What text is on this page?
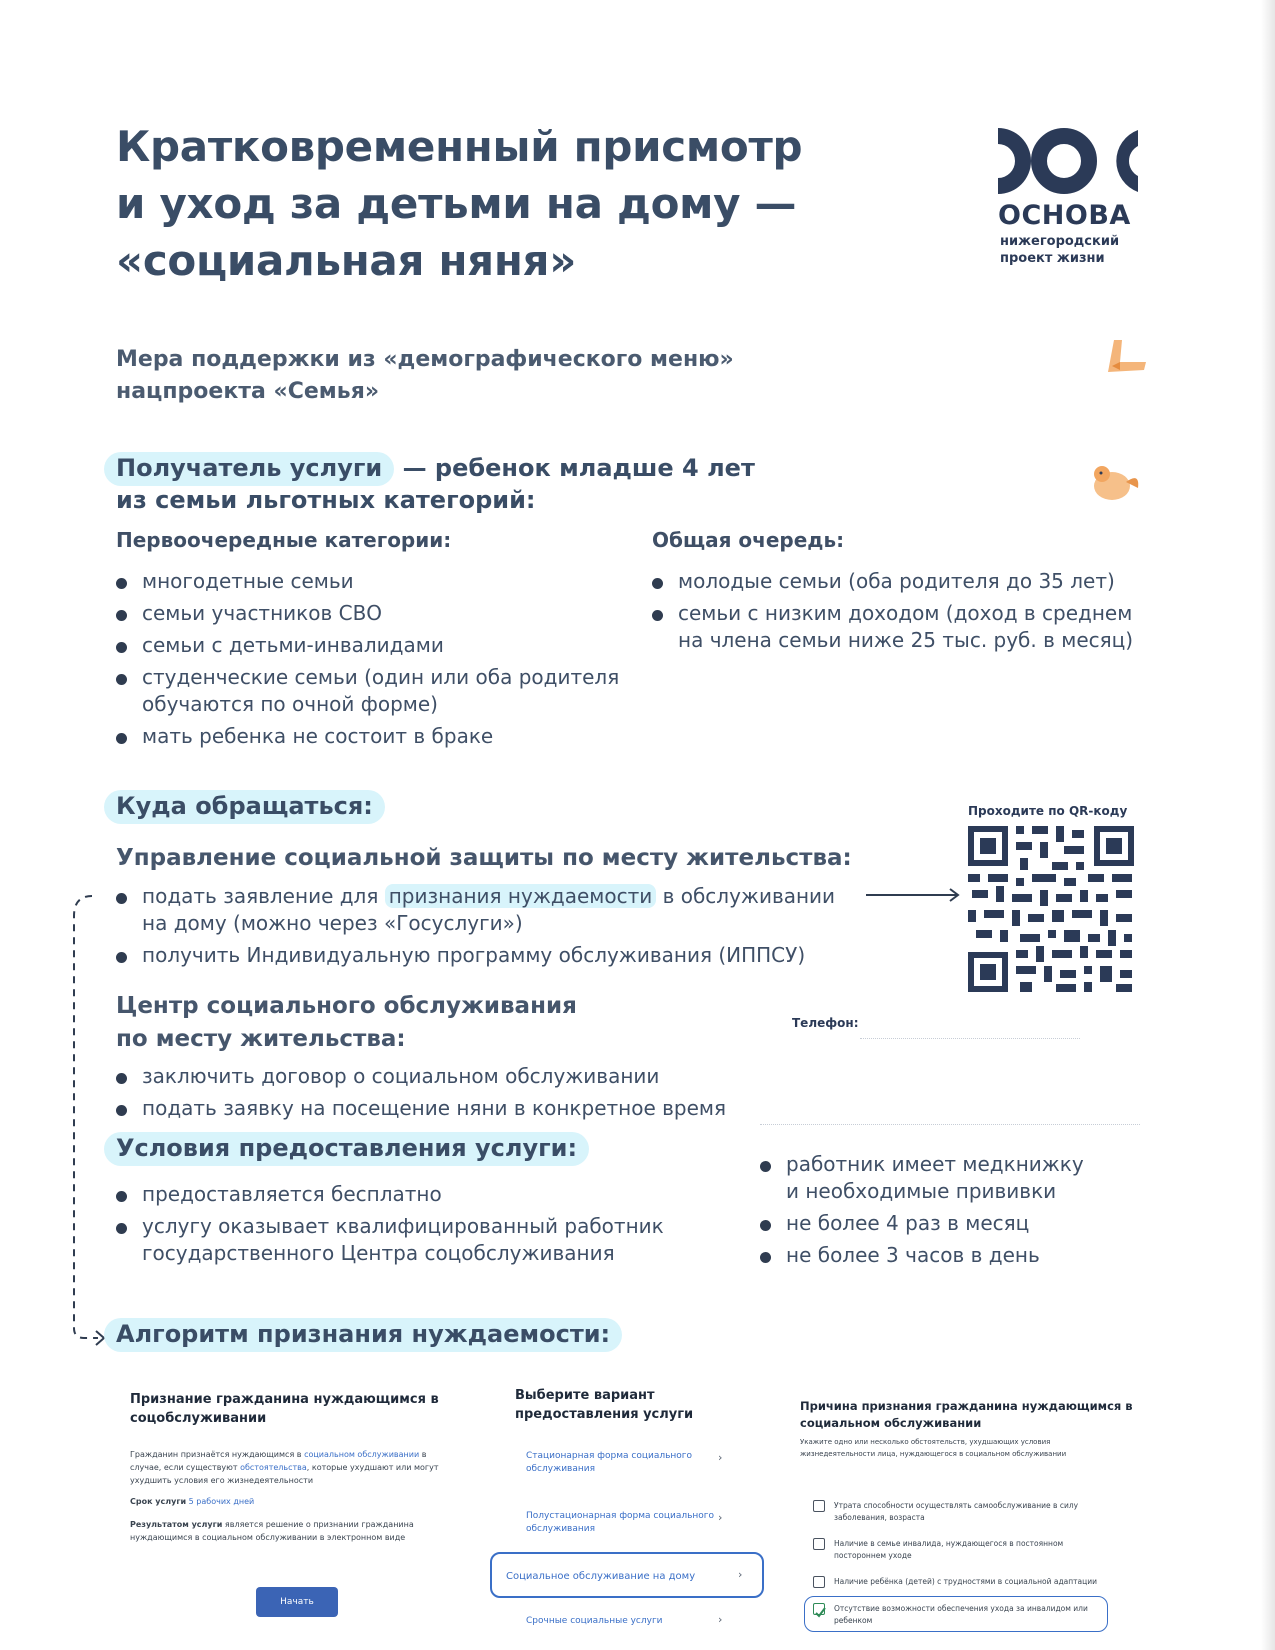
Кратковременный присмотр
и уход за детьми на дому —
«социальная няня»
ОСНОВА
нижегородский
проект жизни
Мера поддержки из «демографического меню»
нацпроекта «Семья»
Получатель услуги — ребенок младше 4 лет
из семьи льготных категорий:
Первоочередные категории:
многодетные семьи
семьи участников СВО
семьи с детьми-инвалидами
студенческие семьи (один или оба родителя
обучаются по очной форме)
мать ребенка не состоит в браке
Общая очередь:
молодые семьи (оба родителя до 35 лет)
семьи с низким доходом (доход в среднем
на члена семьи ниже 25 тыс. руб. в месяц)
Куда обращаться:
Управление социальной защиты по месту жительства:
подать заявление для признания нуждаемости в обслуживании
на дому (можно через «Госуслуги»)
получить Индивидуальную программу обслуживания (ИППСУ)
Проходите по QR-коду
Телефон:
Центр социального обслуживания
по месту жительства:
заключить договор о социальном обслуживании
подать заявку на посещение няни в конкретное время
Условия предоставления услуги:
предоставляется бесплатно
услугу оказывает квалифицированный работник
государственного Центра соцобслуживания
работник имеет медкнижку
и необходимые прививки
не более 4 раз в месяц
не более 3 часов в день
Алгоритм признания нуждаемости:
Признание гражданина нуждающимся в
соцобслуживании
Гражданин признаётся нуждающимся в социальном обслуживании в
случае, если существуют обстоятельства, которые ухудшают или могут
ухудшить условия его жизнедеятельности
Срок услуги 5 рабочих дней
Результатом услуги является решение о признании гражданина
нуждающимся в социальном обслуживании в электронном виде
Начать
Выберите вариант
предоставления услуги
Стационарная форма социального
обслуживания
›
Полустационарная форма социального
обслуживания
›
Социальное обслуживание на дому	›
Срочные социальные услуги	›
Причина признания гражданина нуждающимся в
социальном обслуживании
Укажите одно или несколько обстоятельств, ухудшающих условия
жизнедеятельности лица, нуждающегося в социальном обслуживании
Утрата способности осуществлять самообслуживание в силу
заболевания, возраста
Наличие в семье инвалида, нуждающегося в постоянном
постороннем уходе
Наличие ребёнка (детей) с трудностями в социальной адаптации
Отсутствие возможности обеспечения ухода за инвалидом или
ребенком
